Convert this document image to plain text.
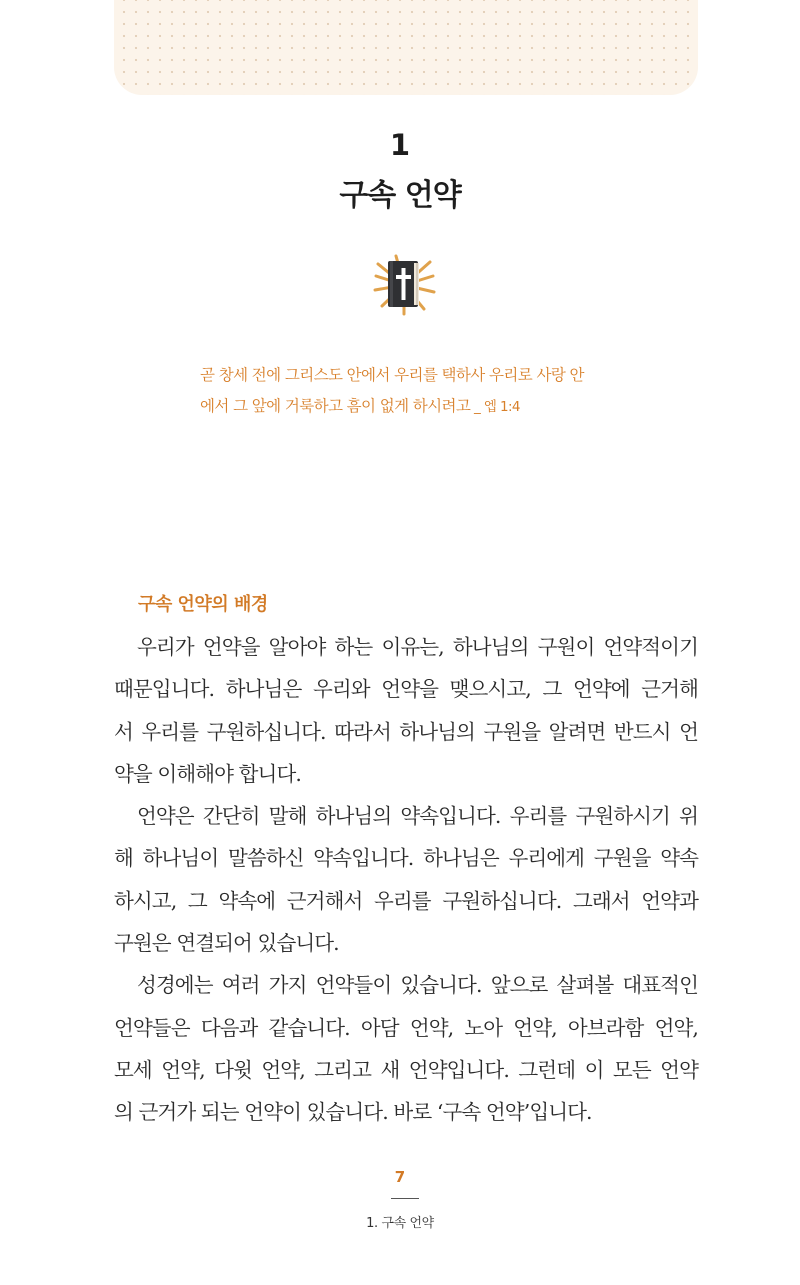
1
구속 언약
곧 창세 전에 그리스도 안에서 우리를 택하사 우리로 사랑 안
에서 그 앞에 거룩하고 흠이 없게 하시려고 _ 엡 1:4
구속 언약의 배경
우리가 언약을 알아야 하는 이유는, 하나님의 구원이 언약적이기
때문입니다. 하나님은 우리와 언약을 맺으시고, 그 언약에 근거해
서 우리를 구원하십니다. 따라서 하나님의 구원을 알려면 반드시 언
약을 이해해야 합니다.
언약은 간단히 말해 하나님의 약속입니다. 우리를 구원하시기 위
해 하나님이 말씀하신 약속입니다. 하나님은 우리에게 구원을 약속
하시고, 그 약속에 근거해서 우리를 구원하십니다. 그래서 언약과
구원은 연결되어 있습니다.
성경에는 여러 가지 언약들이 있습니다. 앞으로 살펴볼 대표적인
언약들은 다음과 같습니다. 아담 언약, 노아 언약, 아브라함 언약,
모세 언약, 다윗 언약, 그리고 새 언약입니다. 그런데 이 모든 언약
의 근거가 되는 언약이 있습니다. 바로 ‘구속 언약’입니다.
7
1. 구속 언약
